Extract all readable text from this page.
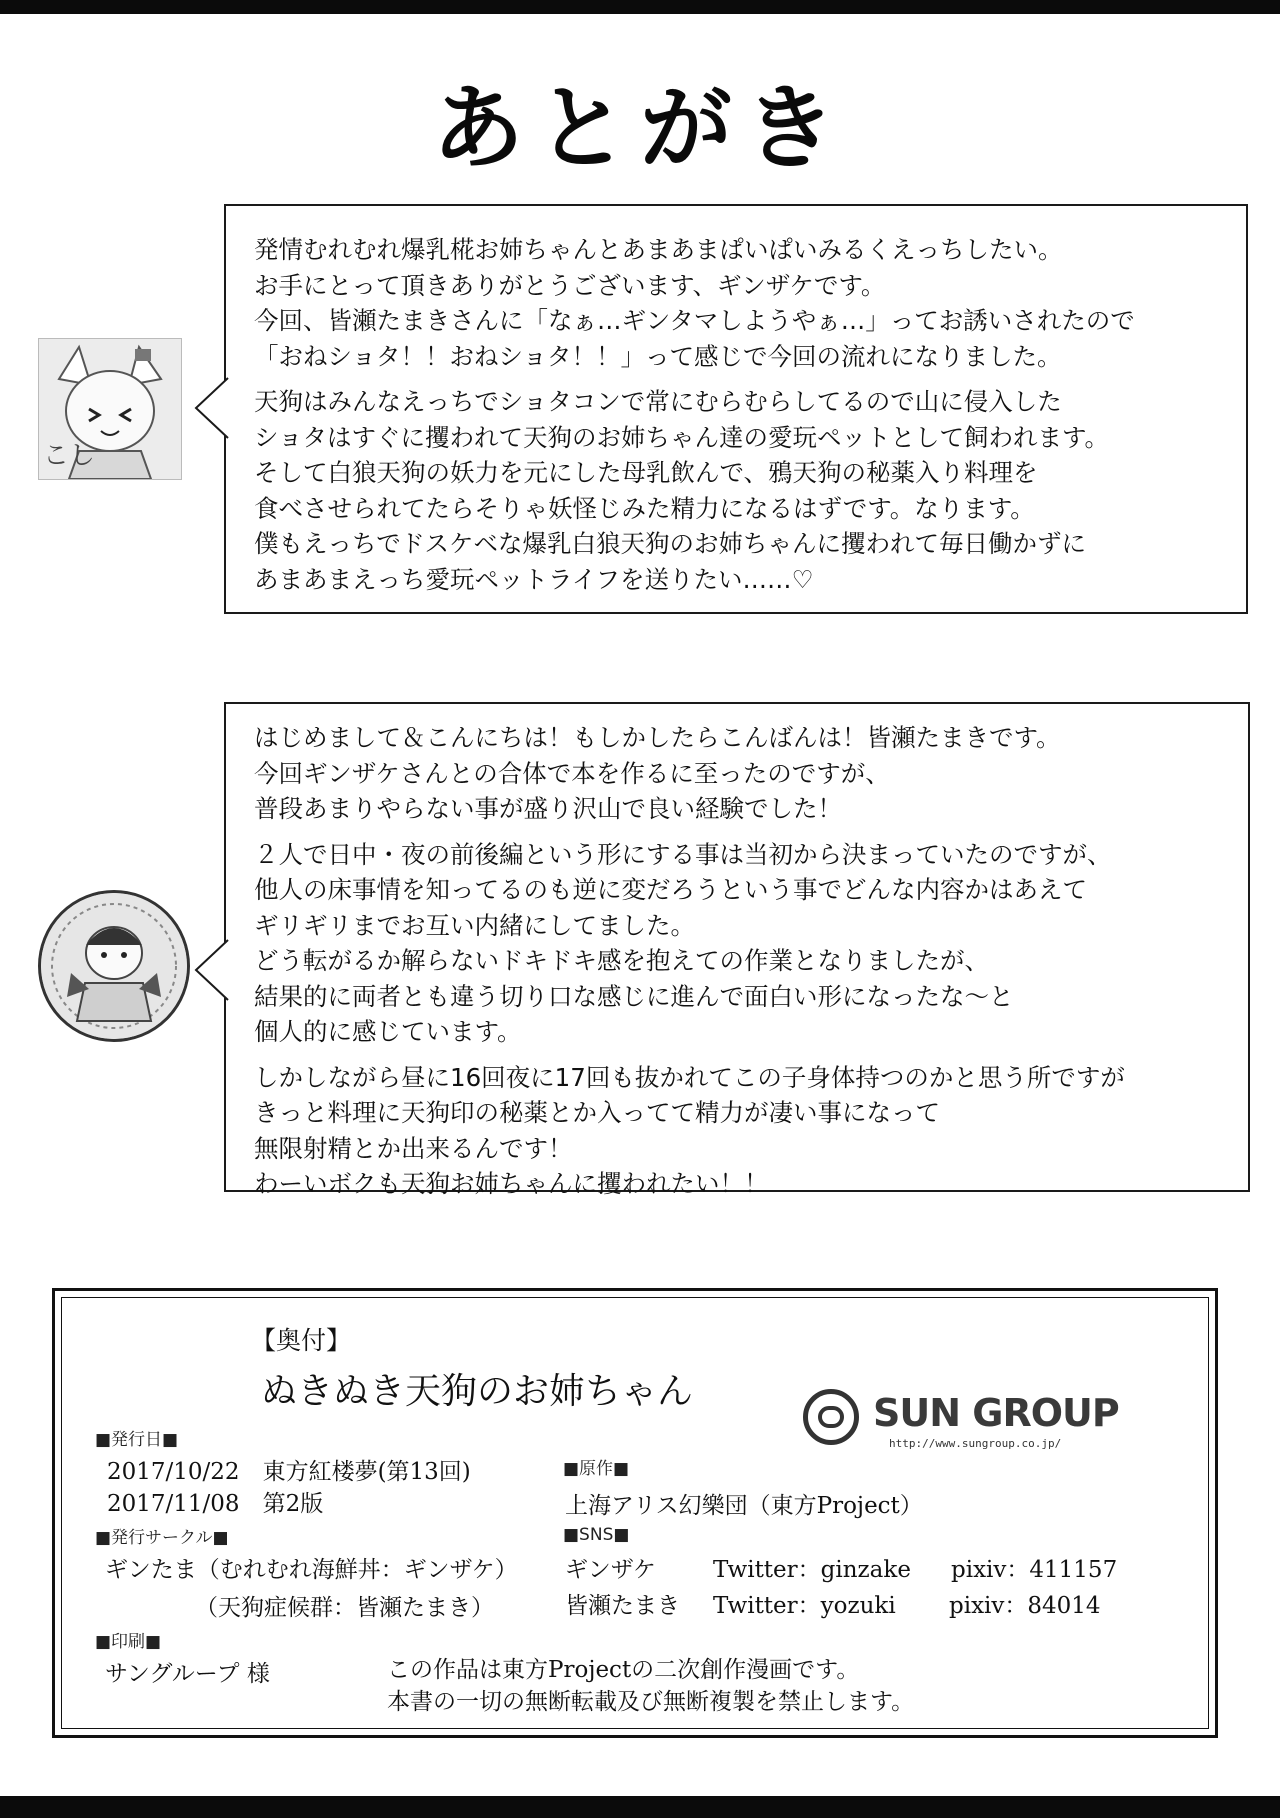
あとがき
こし
発情むれむれ爆乳椛お姉ちゃんとあまあまぱいぱいみるくえっちしたい。
お手にとって頂きありがとうございます、ギンザケです。
今回、皆瀬たまきさんに「なぁ…ギンタマしようやぁ…」ってお誘いされたので
「おねショタ！！おねショタ！！」って感じで今回の流れになりました。
天狗はみんなえっちでショタコンで常にむらむらしてるので山に侵入した
ショタはすぐに攫われて天狗のお姉ちゃん達の愛玩ペットとして飼われます。
そして白狼天狗の妖力を元にした母乳飲んで、鴉天狗の秘薬入り料理を
食べさせられてたらそりゃ妖怪じみた精力になるはずです。なります。
僕もえっちでドスケベな爆乳白狼天狗のお姉ちゃんに攫われて毎日働かずに
あまあまえっち愛玩ペットライフを送りたい……♡
はじめまして＆こんにちは！もしかしたらこんばんは！皆瀬たまきです。
今回ギンザケさんとの合体で本を作るに至ったのですが、
普段あまりやらない事が盛り沢山で良い経験でした！
２人で日中・夜の前後編という形にする事は当初から決まっていたのですが、
他人の床事情を知ってるのも逆に変だろうという事でどんな内容かはあえて
ギリギリまでお互い内緒にしてました。
どう転がるか解らないドキドキ感を抱えての作業となりましたが、
結果的に両者とも違う切り口な感じに進んで面白い形になったな～と
個人的に感じています。
しかしながら昼に16回夜に17回も抜かれてこの子身体持つのかと思う所ですが
きっと料理に天狗印の秘薬とか入ってて精力が凄い事になって
無限射精とか出来るんです！
わーいボクも天狗お姉ちゃんに攫われたい！！
【奥付】
ぬきぬき天狗のお姉ちゃん	SUN GROUP
http://www.sungroup.co.jp/
■発行日■
2017/10/22　東方紅楼夢(第13回)
2017/11/08　第2版
■発行サークル■
ギンたま（むれむれ海鮮丼：ギンザケ）
（天狗症候群：皆瀬たまき）
■印刷■
サングループ 様
■原作■
上海アリス幻樂団（東方Project）
■SNS■
ギンザケ Twitter：ginzake pixiv：411157
皆瀬たまき Twitter：yozuki pixiv：84014
この作品は東方Projectの二次創作漫画です。
本書の一切の無断転載及び無断複製を禁止します。
